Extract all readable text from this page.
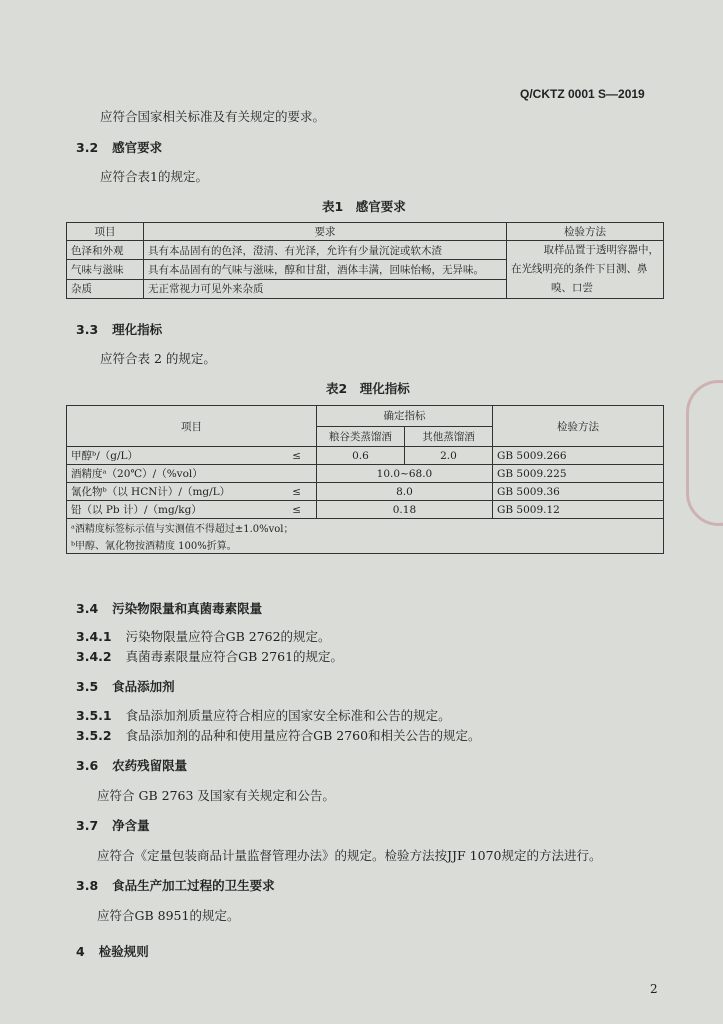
Q/CKTZ 0001 S—2019
应符合国家相关标准及有关规定的要求。
3.2 感官要求
应符合表1的规定。
表1　感官要求
项目	要求	检验方法
色泽和外观	具有本品固有的色泽，澄清、有光泽，允许有少量沉淀或软木渣	取样品置于透明容器中，
在光线明亮的条件下目测、鼻
嗅、口尝

气味与滋味	具有本品固有的气味与滋味，醇和甘甜，酒体丰满，回味怡畅，无异味。	
杂质	无正常视力可见外来杂质	
3.3 理化指标
应符合表 2 的规定。
表2　理化指标
项目		确定指标		检验方法
		粮谷类蒸馏酒	其他蒸馏酒	
甲醇ᵇ/（g/L）	≤	0.6	2.0	GB 5009.266
酒精度ᵃ（20℃）/（%vol）		10.0~68.0		GB 5009.225
氰化物ᵇ（以 HCN计）/（mg/L）	≤	8.0		GB 5009.36
铅（以 Pb 计）/（mg/kg）	≤	0.18		GB 5009.12
ᵃ酒精度标签标示值与实测值不得超过±1.0%vol；				
ᵇ甲醇、氰化物按酒精度 100%折算。				
3.4 污染物限量和真菌毒素限量
3.4.1 污染物限量应符合GB 2762的规定。
3.4.2 真菌毒素限量应符合GB 2761的规定。
3.5 食品添加剂
3.5.1 食品添加剂质量应符合相应的国家安全标准和公告的规定。
3.5.2 食品添加剂的品种和使用量应符合GB 2760和相关公告的规定。
3.6 农药残留限量
应符合 GB 2763 及国家有关规定和公告。
3.7 净含量
应符合《定量包装商品计量监督管理办法》的规定。检验方法按JJF 1070规定的方法进行。
3.8 食品生产加工过程的卫生要求
应符合GB 8951的规定。
4 检验规则
2
